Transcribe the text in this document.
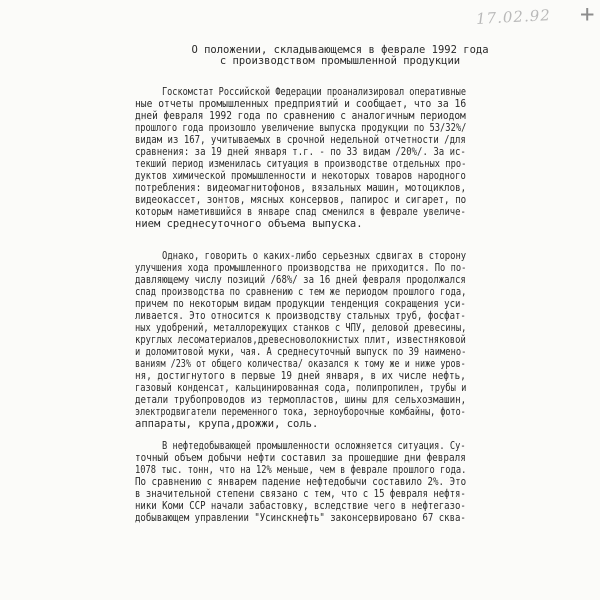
17.02.92 +
О положении, складывающемся в феврале 1992 года
с производством промышленной продукции
Госкомстат Российской Федерации проанализировал оперативные
ные отчеты промышленных предприятий и сообщает, что за 16
дней февраля 1992 года по сравнению с аналогичным периодом
прошлого года произошло увеличение выпуска продукции по 53/32%/
видам из 167, учитываемых в срочной недельной отчетности /для
сравнения: за 19 дней января т.г. - по 33 видам /20%/. За ис-
текший период изменилась ситуация в производстве отдельных про-
дуктов химической промышленности и некоторых товаров народного
потребления: видеомагнитофонов, вязальных машин, мотоциклов,
видеокассет, зонтов, мясных консервов, папирос и сигарет, по
которым наметившийся в январе спад сменился в феврале увеличе-
нием среднесуточного объема выпуска.
Однако, говорить о каких-либо серьезных сдвигах в сторону
улучшения хода промышленного производства не приходится. По по-
давляющему числу позиций /68%/ за 16 дней февраля продолжался
спад производства по сравнению с тем же периодом прошлого года,
причем по некоторым видам продукции тенденция сокращения уси-
ливается. Это относится к производству стальных труб, фосфат-
ных удобрений, металлорежущих станков с ЧПУ, деловой древесины,
круглых лесоматериалов,древесноволокнистых плит, известняковой
и доломитовой муки, чая. А среднесуточный выпуск по 39 наимено-
ваниям /23% от общего количества/ оказался к тому же и ниже уров-
ня, достигнутого в первые 19 дней января, в их числе нефть,
газовый конденсат, кальцинированная сода, полипропилен, трубы и
детали трубопроводов из термопластов, шины для сельхозмашин,
электродвигатели переменного тока, зерноуборочные комбайны, фото-
аппараты, крупа,дрожжи, соль.
В нефтедобывающей промышленности осложняется ситуация. Су-
точный объем добычи нефти составил за прошедшие дни февраля
1078 тыс. тонн, что на 12% меньше, чем в феврале прошлого года.
По сравнению с январем падение нефтедобычи составило 2%. Это
в значительной степени связано с тем, что с 15 февраля нефтя-
ники Коми ССР начали забастовку, вследствие чего в нефтегазо-
добывающем управлении "Усинскнефть" законсервировано 67 сква-
